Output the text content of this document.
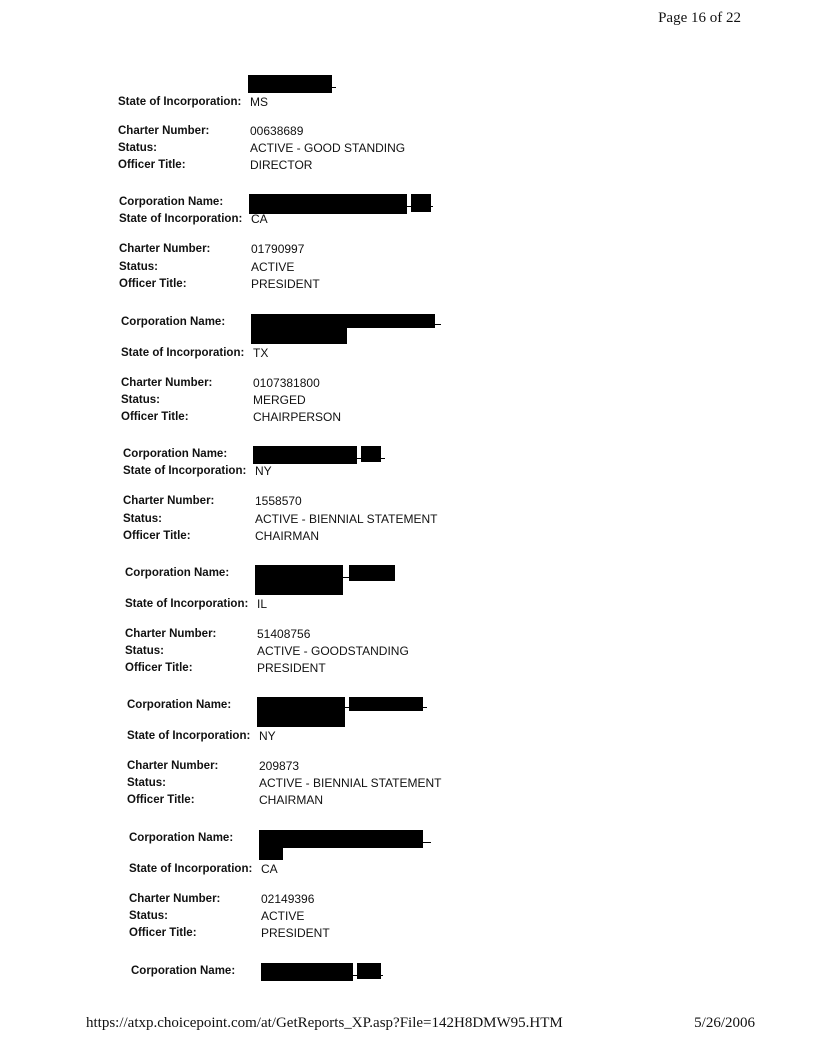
Page 16 of 22
State of Incorporation: MS
Charter Number:	00638689
Status:	ACTIVE - GOOD STANDING
Officer Title:	DIRECTOR
Corporation Name:
State of Incorporation: CA
Charter Number:	01790997
Status:	ACTIVE
Officer Title:	PRESIDENT
Corporation Name:
State of Incorporation: TX
Charter Number:	0107381800
Status:	MERGED
Officer Title:	CHAIRPERSON
Corporation Name:
State of Incorporation: NY
Charter Number:	1558570
Status:	ACTIVE - BIENNIAL STATEMENT
Officer Title:	CHAIRMAN
Corporation Name:
State of Incorporation: IL
Charter Number:	51408756
Status:	ACTIVE - GOODSTANDING
Officer Title:	PRESIDENT
Corporation Name:
State of Incorporation: NY
Charter Number:	209873
Status:	ACTIVE - BIENNIAL STATEMENT
Officer Title:	CHAIRMAN
Corporation Name:
State of Incorporation: CA
Charter Number:	02149396
Status:	ACTIVE
Officer Title:	PRESIDENT
Corporation Name:
https://atxp.choicepoint.com/at/GetReports_XP.asp?File=142H8DMW95.HTM	5/26/2006
